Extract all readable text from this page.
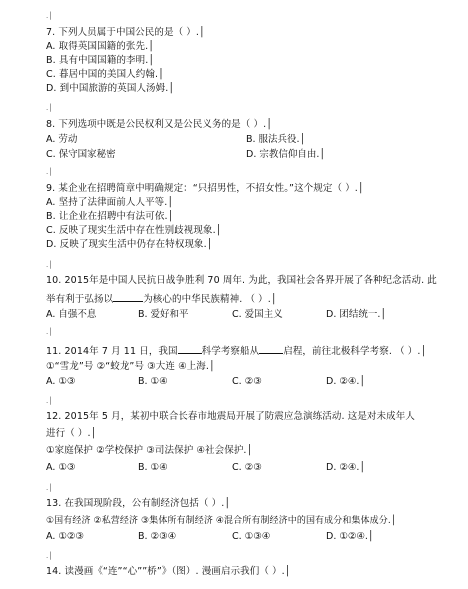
.│
7. 下列人员属于中国公民的是（ ）.│
A. 取得英国国籍的张先.│
B. 具有中国国籍的李明.│
C. 暮居中国的美国人约翰.│
D. 到中国旅游的英国人汤姆.│
.│
8. 下列选项中既是公民权利又是公民义务的是（ ）.│
A. 劳动	B. 服法兵役.│
C. 保守国家秘密	D. 宗教信仰自由.│
.│
9. 某企业在招聘简章中明确规定：“只招男性，不招女性。”这个规定（ ）.│
A. 坚持了法律面前人人平等.│
B. 让企业在招聘中有法可依.│
C. 反映了现实生活中存在性别歧视现象.│
D. 反映了现实生活中仍存在特权现象.│
.│
10. 2015年是中国人民抗日战争胜利 70 周年. 为此，我国社会各界开展了各种纪念活动. 此
举有利于弘扬以	为核心的中华民族精神. （ ）.│
A. 自强不息	B. 爱好和平	C. 爱国主义	D. 团结统一.│
.│
11. 2014年 7 月 11 日，我国	科学考察船从	启程，前往北极科学考察. （ ）.│
①“雪龙”号 ②“蛟龙”号 ③大连 ④上海.│
A. ①③	B. ①④	C. ②③	D. ②④.│
.│
12. 2015年 5 月，某初中联合长春市地震局开展了防震应急演练活动. 这是对未成年人
进行（ ）.│
①家庭保护 ②学校保护 ③司法保护 ④社会保护.│
A. ①③	B. ①④	C. ②③	D. ②④.│
.│
13. 在我国现阶段，公有制经济包括（ ）.│
①国有经济 ②私营经济 ③集体所有制经济 ④混合所有制经济中的国有成分和集体成分.│
A. ①②③	B. ②③④	C. ①③④	D. ①②④.│
.│
14. 读漫画《“连”“心””桥”》（图）. 漫画启示我们（ ）.│
